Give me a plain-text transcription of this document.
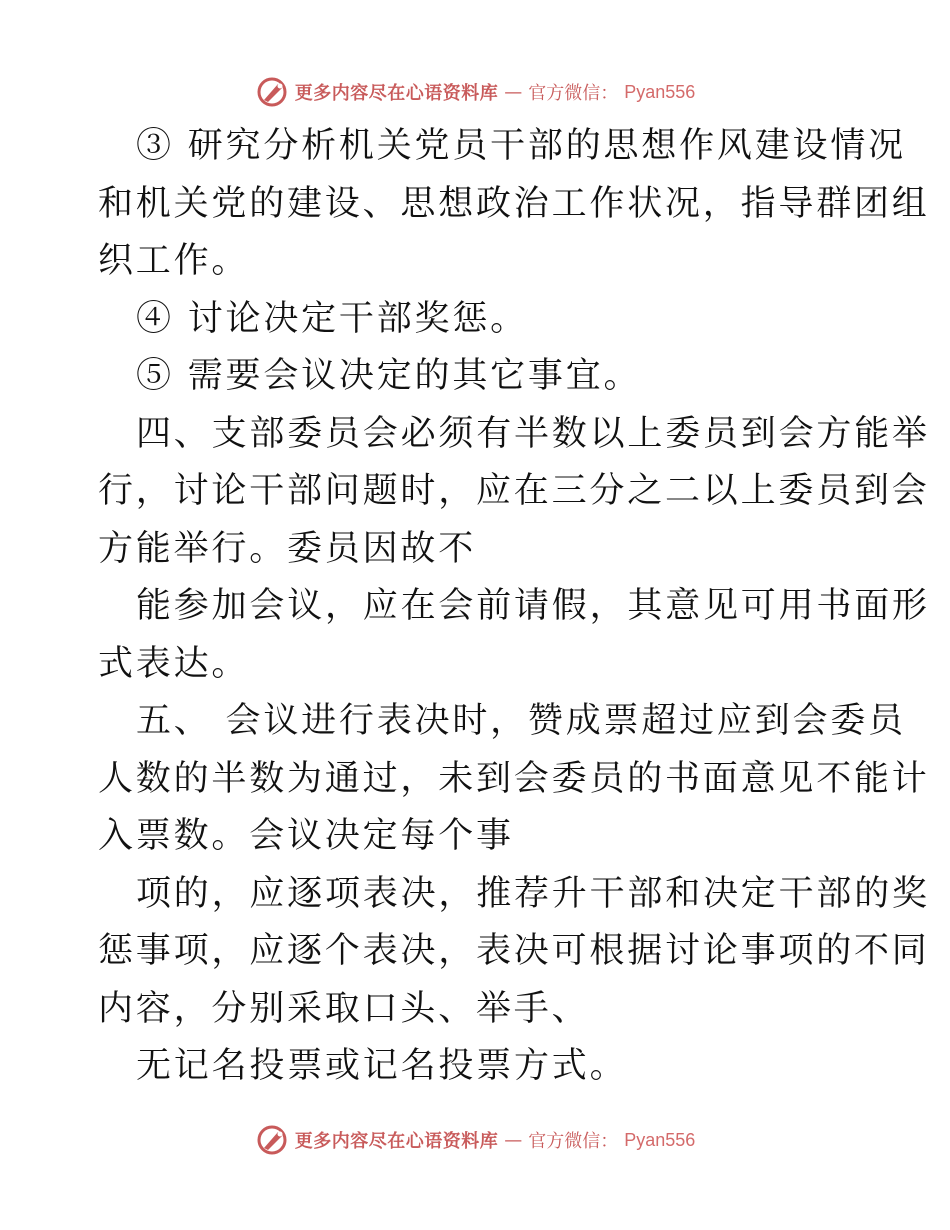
更多内容尽在心语资料库 — 官方微信： Pyan556
③ 研究分析机关党员干部的思想作风建设情况
和机关党的建设、思想政治工作状况，指导群团组
织工作。
④ 讨论决定干部奖惩。
⑤ 需要会议决定的其它事宜。
四、支部委员会必须有半数以上委员到会方能举
行，讨论干部问题时，应在三分之二以上委员到会
方能举行。委员因故不
能参加会议，应在会前请假，其意见可用书面形
式表达。
五、 会议进行表决时，赞成票超过应到会委员
人数的半数为通过，未到会委员的书面意见不能计
入票数。会议决定每个事
项的，应逐项表决，推荐升干部和决定干部的奖
惩事项，应逐个表决，表决可根据讨论事项的不同
内容，分别采取口头、举手、
无记名投票或记名投票方式。
更多内容尽在心语资料库 — 官方微信： Pyan556
